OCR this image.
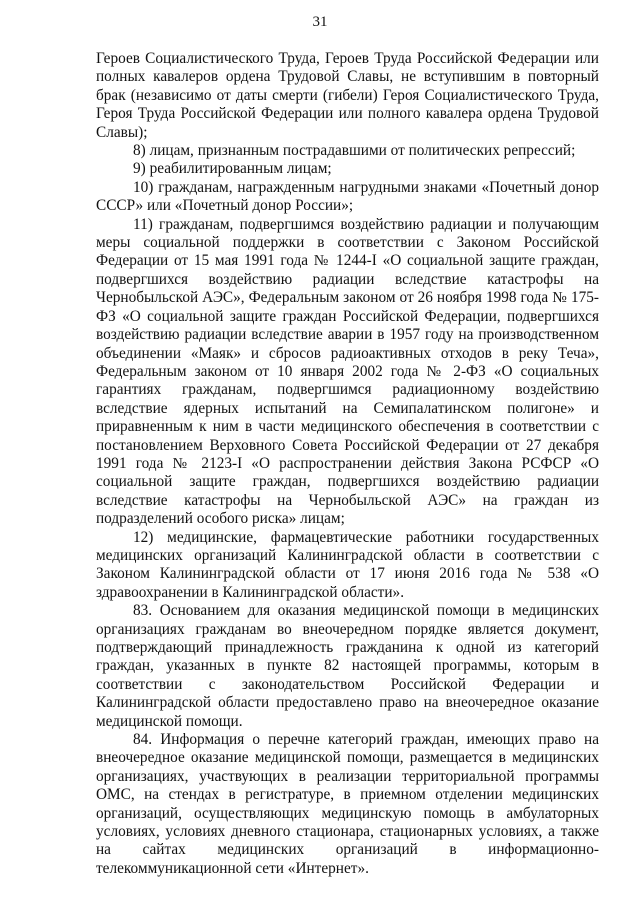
31

Героев Социалистического Труда, Героев Труда Российской Федерации или полных кавалеров ордена Трудовой Славы, не вступившим в повторный брак (независимо от даты смерти (гибели) Героя Социалистического Труда, Героя Труда Российской Федерации или полного кавалера ордена Трудовой Славы);

8) лицам, признанным пострадавшими от политических репрессий;

9) реабилитированным лицам;

10) гражданам, награжденным нагрудными знаками «Почетный донор СССР» или «Почетный донор России»;

11) гражданам, подвергшимся воздействию радиации и получающим меры социальной поддержки в соответствии с Законом Российской Федерации от 15 мая 1991 года № 1244-I «О социальной защите граждан, подвергшихся воздействию радиации вследствие катастрофы на Чернобыльской АЭС», Федеральным законом от 26 ноября 1998 года № 175-ФЗ «О социальной защите граждан Российской Федерации, подвергшихся воздействию радиации вследствие аварии в 1957 году на производственном объединении «Маяк» и сбросов радиоактивных отходов в реку Теча», Федеральным законом от 10 января 2002 года № 2-ФЗ «О социальных гарантиях гражданам, подвергшимся радиационному воздействию вследствие ядерных испытаний на Семипалатинском полигоне» и приравненным к ним в части медицинского обеспечения в соответствии с постановлением Верховного Совета Российской Федерации от 27 декабря 1991 года № 2123-I «О распространении действия Закона РСФСР «О социальной защите граждан, подвергшихся воздействию радиации вследствие катастрофы на Чернобыльской АЭС» на граждан из подразделений особого риска» лицам;

12) медицинские, фармацевтические работники государственных медицинских организаций Калининградской области в соответствии с Законом Калининградской области от 17 июня 2016 года № 538 «О здравоохранении в Калининградской области».

83. Основанием для оказания медицинской помощи в медицинских организациях гражданам во внеочередном порядке является документ, подтверждающий принадлежность гражданина к одной из категорий граждан, указанных в пункте 82 настоящей программы, которым в соответствии с законодательством Российской Федерации и Калининградской области предоставлено право на внеочередное оказание медицинской помощи.

84. Информация о перечне категорий граждан, имеющих право на внеочередное оказание медицинской помощи, размещается в медицинских организациях, участвующих в реализации территориальной программы ОМС, на стендах в регистратуре, в приемном отделении медицинских организаций, осуществляющих медицинскую помощь в амбулаторных условиях, условиях дневного стационара, стационарных условиях, а также на сайтах медицинских организаций в информационно-телекоммуникационной сети «Интернет».
